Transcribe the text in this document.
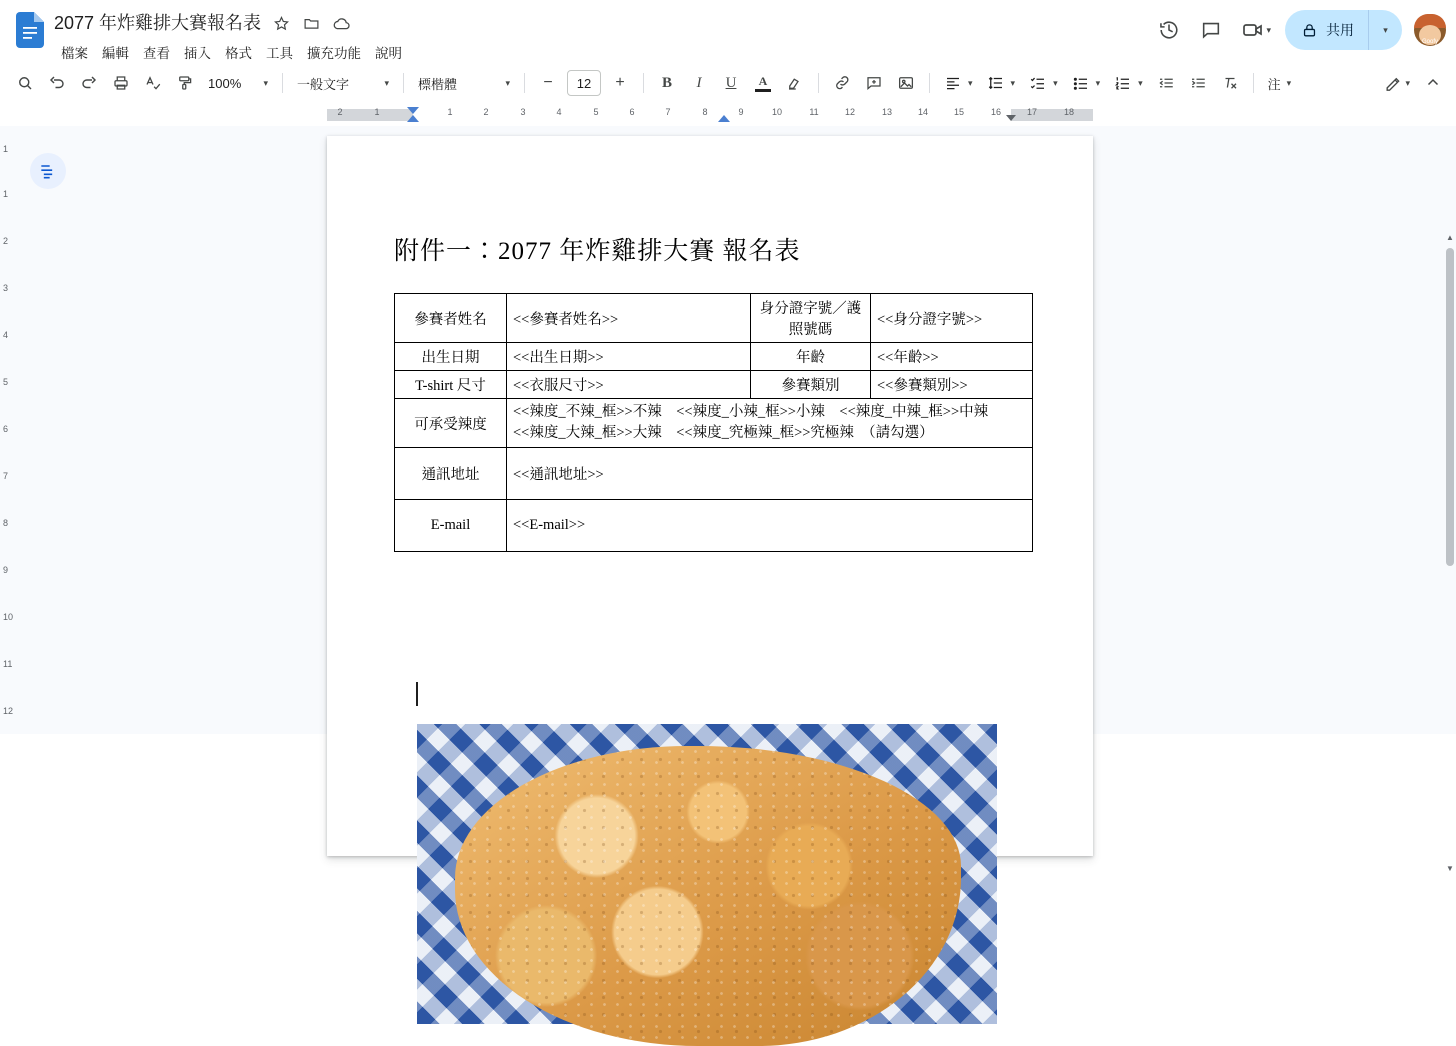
2077 年炸雞排大賽報名表
檔案	編輯	查看	插入	格式	工具	擴充功能	說明
▾	共用	▾
Goofy
100% ▾ 一般文字	▾ 標楷體	▾	−	12	+	B	I	U	A	▾	▾	▾	▾	▾	注 ▾	▾
2	1	1	2	3	4	5	6	7	8	9	10	11	12	13	14	15	16	17	18
1
1
2
3
4
5
6
7
8
9
10
11
12
附件一：2077 年炸雞排大賽 報名表
參賽者姓名	<<參賽者姓名>>	身分證字號／護照號碼	<<身分證字號>>
出生日期	<<出生日期>>	年齡	<<年齡>>
T-shirt 尺寸	<<衣服尺寸>>	參賽類別	<<參賽類別>>
可承受辣度	<<辣度_不辣_框>>不辣　<<辣度_小辣_框>>小辣　<<辣度_中辣_框>>中辣
<<辣度_大辣_框>>大辣　<<辣度_究極辣_框>>究極辣　（請勾選）		

通訊地址	<<通訊地址>>		
E-mail	<<E-mail>>		
▲
▼
